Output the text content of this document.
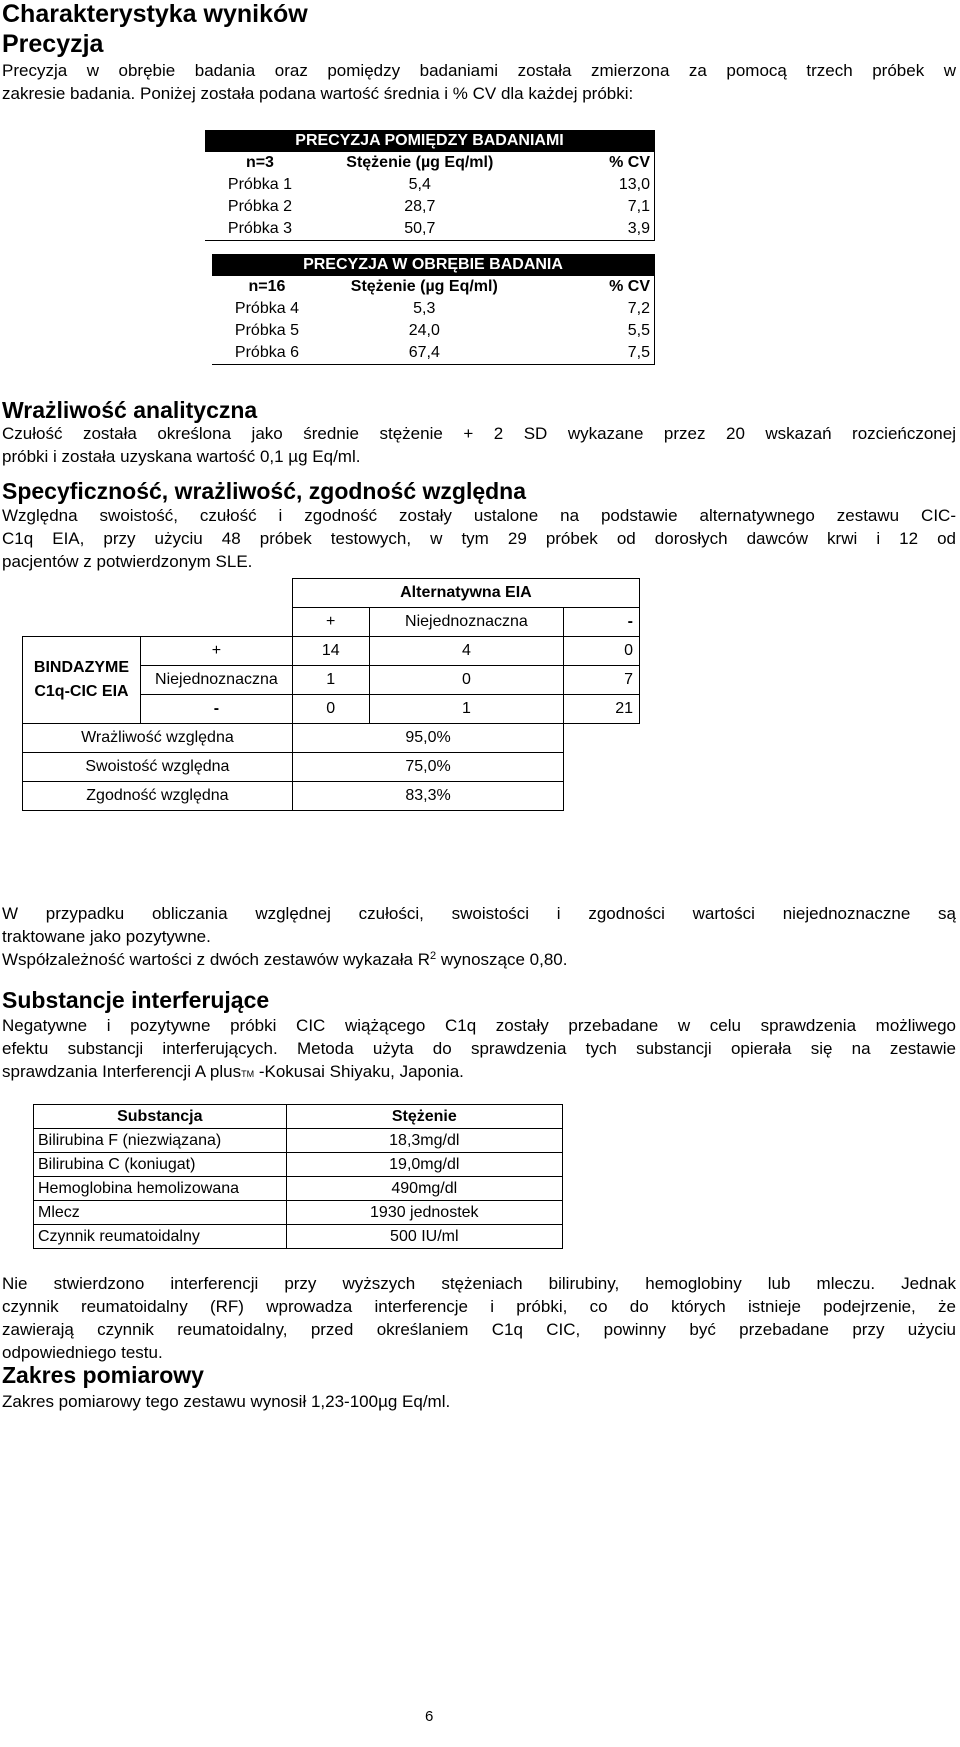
Charakterystyka wyników
Precyzja
Precyzja w obrębie badania oraz pomiędzy badaniami została zmierzona za pomocą trzech próbek w
zakresie badania. Poniżej została podana wartość średnia i % CV dla każdej próbki:
PRECYZJA POMIĘDZY BADANIAMI		
n=3	Stężenie (µg Eq/ml)	% CV
Próbka 1	5,4	13,0
Próbka 2	28,7	7,1
Próbka 3	50,7	3,9
PRECYZJA W OBRĘBIE BADANIA		
n=16	Stężenie (µg Eq/ml)	% CV
Próbka 4	5,3	7,2
Próbka 5	24,0	5,5
Próbka 6	67,4	7,5
Wrażliwość analityczna
Czułość została określona jako średnie stężenie + 2 SD wykazane przez 20 wskazań rozcieńczonej
próbki i została uzyskana wartość 0,1 µg Eq/ml.
Specyficzność, wrażliwość, zgodność względna
Względna swoistość, czułość i zgodność zostały ustalone na podstawie alternatywnego zestawu CIC-
C1q EIA, przy użyciu 48 próbek testowych, w tym 29 próbek od dorosłych dawców krwi i 12 od
pacjentów z potwierdzonym SLE.
		Alternatywna EIA		
		+	Niejednoznaczna	-
BINDAZYME
C1q-CIC EIA	+	14	4	0
	Niejednoznaczna	1	0	7
	-	0	1	21
Wrażliwość względna		95,0%		
Swoistość względna		75,0%		
Zgodność względna		83,3%		
W przypadku obliczania względnej czułości, swoistości i zgodności wartości niejednoznaczne są
traktowane jako pozytywne.
Współzależność wartości z dwóch zestawów wykazała $R^2$ wynoszące 0,80.
Substancje interferujące
Negatywne i pozytywne próbki CIC wiążącego C1q zostały przebadane w celu sprawdzenia możliwego
efektu substancji interferujących. Metoda użyta do sprawdzenia tych substancji opierała się na zestawie
sprawdzania Interferencji A plusTM -Kokusai Shiyaku, Japonia.
Substancja	Stężenie
Bilirubina F (niezwiązana)	18,3mg/dl
Bilirubina C (koniugat)	19,0mg/dl
Hemoglobina hemolizowana	490mg/dl
Mlecz	1930 jednostek
Czynnik reumatoidalny	500 IU/ml
Nie stwierdzono interferencji przy wyższych stężeniach bilirubiny, hemoglobiny lub mleczu. Jednak
czynnik reumatoidalny (RF) wprowadza interferencje i próbki, co do których istnieje podejrzenie, że
zawierają czynnik reumatoidalny, przed określaniem C1q CIC, powinny być przebadane przy użyciu
odpowiedniego testu.
Zakres pomiarowy
Zakres pomiarowy tego zestawu wynosił 1,23-100µg Eq/ml.
6
